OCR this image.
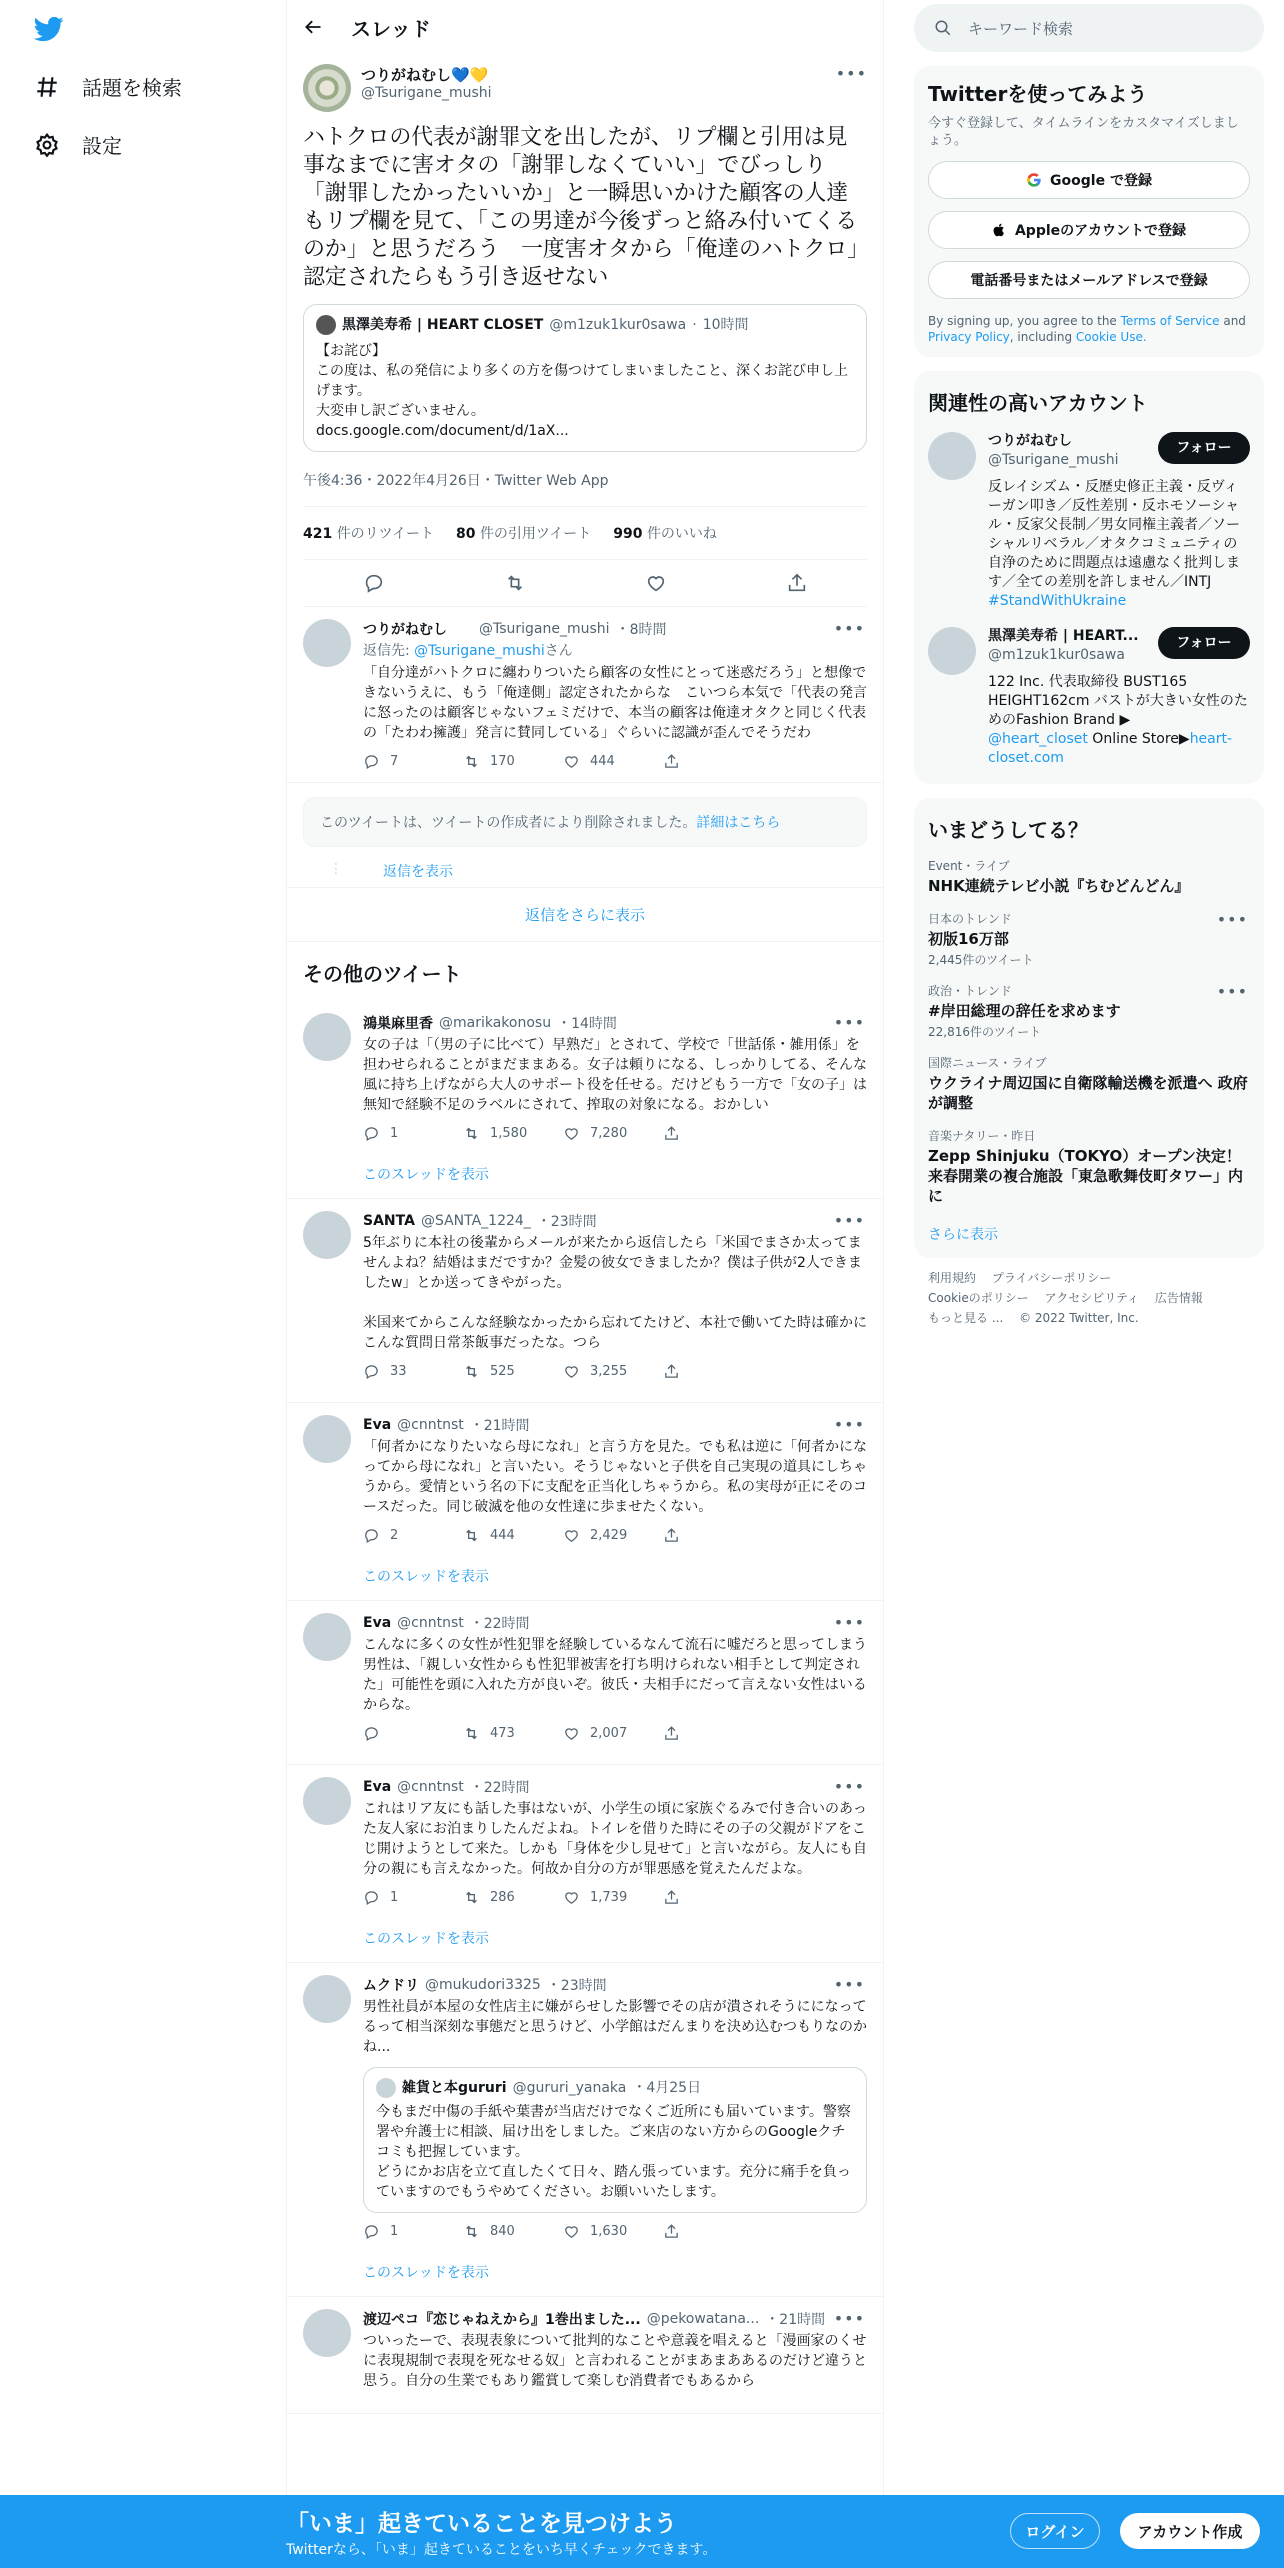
話題を検索
設定
スレッド
つりがねむし💙💛
@Tsurigane_mushi
•••
ハトクロの代表が謝罪文を出したが、リプ欄と引用は見事なまでに害オタの「謝罪しなくていい」でびっしり　「謝罪したかったいいか」と一瞬思いかけた顧客の人達もリプ欄を見て、「この男達が今後ずっと絡み付いてくるのか」と思うだろう　一度害オタから「俺達のハトクロ」認定されたらもう引き返せない
黒澤美寿希 | HEART CLOSET @m1zuk1kur0sawa · 10時間
【お詫び】
この度は、私の発信により多くの方を傷つけてしまいましたこと、深くお詫び申し上げます。
大変申し訳ございません。
docs.google.com/document/d/1aX...
午後4:36・2022年4月26日・Twitter Web App
421 件のリツイート 80 件の引用ツイート 990 件のいいね
つりがねむし @Tsurigane_mushi ・8時間	•••
返信先: @Tsurigane_mushiさん
「自分達がハトクロに纏わりついたら顧客の女性にとって迷惑だろう」と想像できないうえに、もう「俺達側」認定されたからな　こいつら本気で「代表の発言に怒ったのは顧客じゃないフェミだけで、本当の顧客は俺達オタクと同じく代表の「たわわ擁護」発言に賛同している」ぐらいに認識が歪んでそうだわ
7	170	444
このツイートは、ツイートの作成者により削除されました。詳細はこちら
⋮	返信を表示
返信をさらに表示
その他のツイート
鴻巣麻里香 @marikakonosu ・14時間	•••
女の子は「（男の子に比べて）早熟だ」とされて、学校で「世話係・雑用係」を担わせられることがまだままある。女子は頼りになる、しっかりしてる、そんな風に持ち上げながら大人のサポート役を任せる。だけどもう一方で「女の子」は無知で経験不足のラベルにされて、搾取の対象になる。おかしい
1	1,580	7,280
このスレッドを表示
SANTA @SANTA_1224_ ・23時間	•••
5年ぶりに本社の後輩からメールが来たから返信したら「米国でまさか太ってませんよね？結婚はまだですか？金髪の彼女できましたか？僕は子供が2人できましたw」とか送ってきやがった。

米国来てからこんな経験なかったから忘れてたけど、本社で働いてた時は確かにこんな質問日常茶飯事だったな。つら
33	525	3,255
Eva @cnntnst ・21時間	•••
「何者かになりたいなら母になれ」と言う方を見た。でも私は逆に「何者かになってから母になれ」と言いたい。そうじゃないと子供を自己実現の道具にしちゃうから。愛情という名の下に支配を正当化しちゃうから。私の実母が正にそのコースだった。同じ破滅を他の女性達に歩ませたくない。
2	444	2,429
このスレッドを表示
Eva @cnntnst ・22時間	•••
こんなに多くの女性が性犯罪を経験しているなんて流石に嘘だろと思ってしまう男性は、「親しい女性からも性犯罪被害を打ち明けられない相手として判定された」可能性を頭に入れた方が良いぞ。彼氏・夫相手にだって言えない女性はいるからな。
473	2,007
Eva @cnntnst ・22時間	•••
これはリア友にも話した事はないが、小学生の頃に家族ぐるみで付き合いのあった友人家にお泊まりしたんだよね。トイレを借りた時にその子の父親がドアをこじ開けようとして来た。しかも「身体を少し見せて」と言いながら。友人にも自分の親にも言えなかった。何故か自分の方が罪悪感を覚えたんだよな。
1	286	1,739
このスレッドを表示
ムクドリ @mukudori3325 ・23時間	•••
男性社員が本屋の女性店主に嫌がらせした影響でその店が潰されそうにになってるって相当深刻な事態だと思うけど、小学館はだんまりを決め込むつもりなのかね...
雑貨と本gururi @gururi_yanaka ・4月25日
今もまだ中傷の手紙や葉書が当店だけでなくご近所にも届いています。警察署や弁護士に相談、届け出をしました。ご来店のない方からのGoogleクチコミも把握しています。
どうにかお店を立て直したくて日々、踏ん張っています。充分に痛手を負っていますのでもうやめてください。お願いいたします。
1	840	1,630
このスレッドを表示
渡辺ペコ『恋じゃねえから』1巻出ました... @pekowatana... ・21時間 •••
ついったーで、表現表象について批判的なことや意義を唱えると「漫画家のくせに表現規制で表現を死なせる奴」と言われることがまあまああるのだけど違うと思う。自分の生業でもあり鑑賞して楽しむ消費者でもあるから
キーワード検索
Twitterを使ってみよう
今すぐ登録して、タイムラインをカスタマイズしましょう。
Google で登録
Appleのアカウントで登録
電話番号またはメールアドレスで登録
By signing up, you agree to the Terms of Service and Privacy Policy, including Cookie Use.
関連性の高いアカウント
つりがねむし
@Tsurigane_mushi
フォロー
反レイシズム・反歴史修正主義・反ヴィーガン叩き／反性差別・反ホモソーシャル・反家父長制／男女同権主義者／ソーシャルリベラル／オタクコミュニティの自浄のために問題点は遠慮なく批判します／全ての差別を許しません／INTJ
#StandWithUkraine
黒澤美寿希 | HEART...
@m1zuk1kur0sawa
フォロー
122 Inc. 代表取締役 BUST165 HEIGHT162cm バストが大きい女性のためのFashion Brand ▶
@heart_closet Online Store▶heart-closet.com
いまどうしてる？
Event・ライブ
NHK連続テレビ小説『ちむどんどん』
日本のトレンド
初版16万部
2,445件のツイート
•••
政治・トレンド
#岸田総理の辞任を求めます
22,816件のツイート
•••
国際ニュース・ライブ
ウクライナ周辺国に自衛隊輸送機を派遣へ 政府が調整
音楽ナタリー・昨日
Zepp Shinjuku（TOKYO）オープン決定！来春開業の複合施設「東急歌舞伎町タワー」内に
さらに表示
利用規約　 プライバシーポリシー
Cookieのポリシー　 アクセシビリティ　 広告情報
もっと見る ...　 © 2022 Twitter, Inc.
「いま」起きていることを見つけよう
Twitterなら、「いま」起きていることをいち早くチェックできます。
ログイン	アカウント作成
